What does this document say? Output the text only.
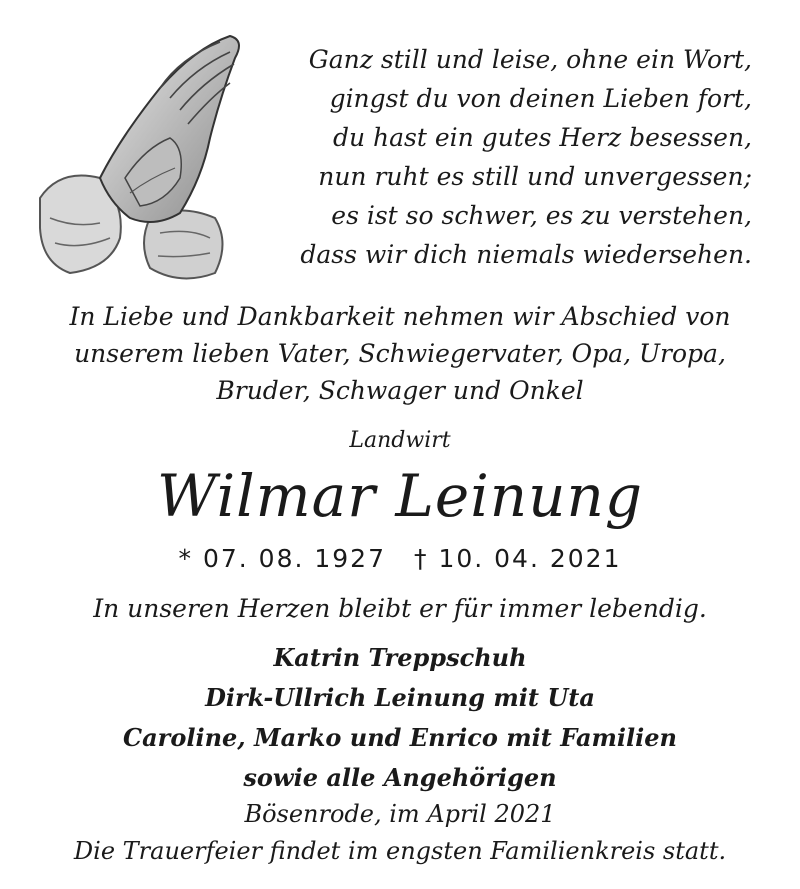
Ganz still und leise, ohne ein Wort,
gingst du von deinen Lieben fort,
du hast ein gutes Herz besessen,
nun ruht es still und unvergessen;
es ist so schwer, es zu verstehen,
dass wir dich niemals wiedersehen.
In Liebe und Dankbarkeit nehmen wir Abschied von
unserem lieben Vater, Schwiegervater, Opa, Uropa,
Bruder, Schwager und Onkel
Landwirt
Wilmar Leinung
* 07. 08. 1927 † 10. 04. 2021
In unseren Herzen bleibt er für immer lebendig.
Katrin Treppschuh
Dirk-Ullrich Leinung mit Uta
Caroline, Marko und Enrico mit Familien
sowie alle Angehörigen
Bösenrode, im April 2021
Die Trauerfeier findet im engsten Familienkreis statt.
